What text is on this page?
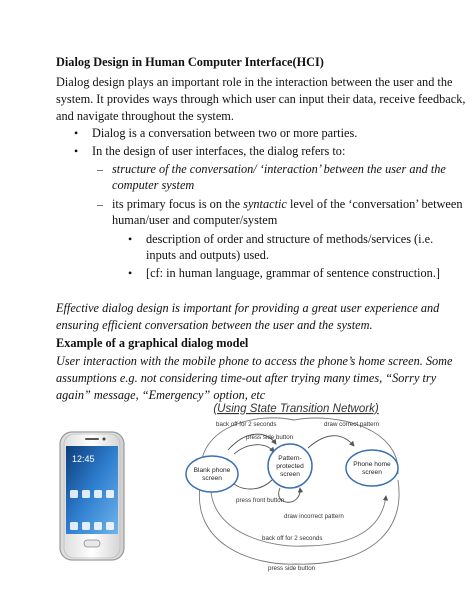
Dialog Design in Human Computer Interface(HCI)
Dialog design plays an important role in the interaction between the user and the
system. It provides ways through which user can input their data, receive feedback,
and navigate throughout the system.
• Dialog is a conversation between two or more parties.
• In the design of user interfaces, the dialog refers to:
– structure of the conversation/ ‘interaction’ between the user and the
computer system
– its primary focus is on the syntactic level of the ‘conversation’ between
human/user and computer/system
• description of order and structure of methods/services (i.e.
inputs and outputs) used.
• [cf: in human language, grammar of sentence construction.]
Effective dialog design is important for providing a great user experience and
ensuring efficient conversation between the user and the system.
Example of a graphical dialog model
User interaction with the mobile phone to access the phone’s home screen. Some
assumptions e.g. not considering time-out after trying many times, “Sorry try
again” message, “Emergency” option, etc
12:45
(Using State Transition Network)
Blank phone
screen
Pattern-
protected
screen
Phone home
screen
back off for 2 seconds
press side button
draw correct pattern
press front button
draw incorrect pattern
back off for 2 seconds
press side button
